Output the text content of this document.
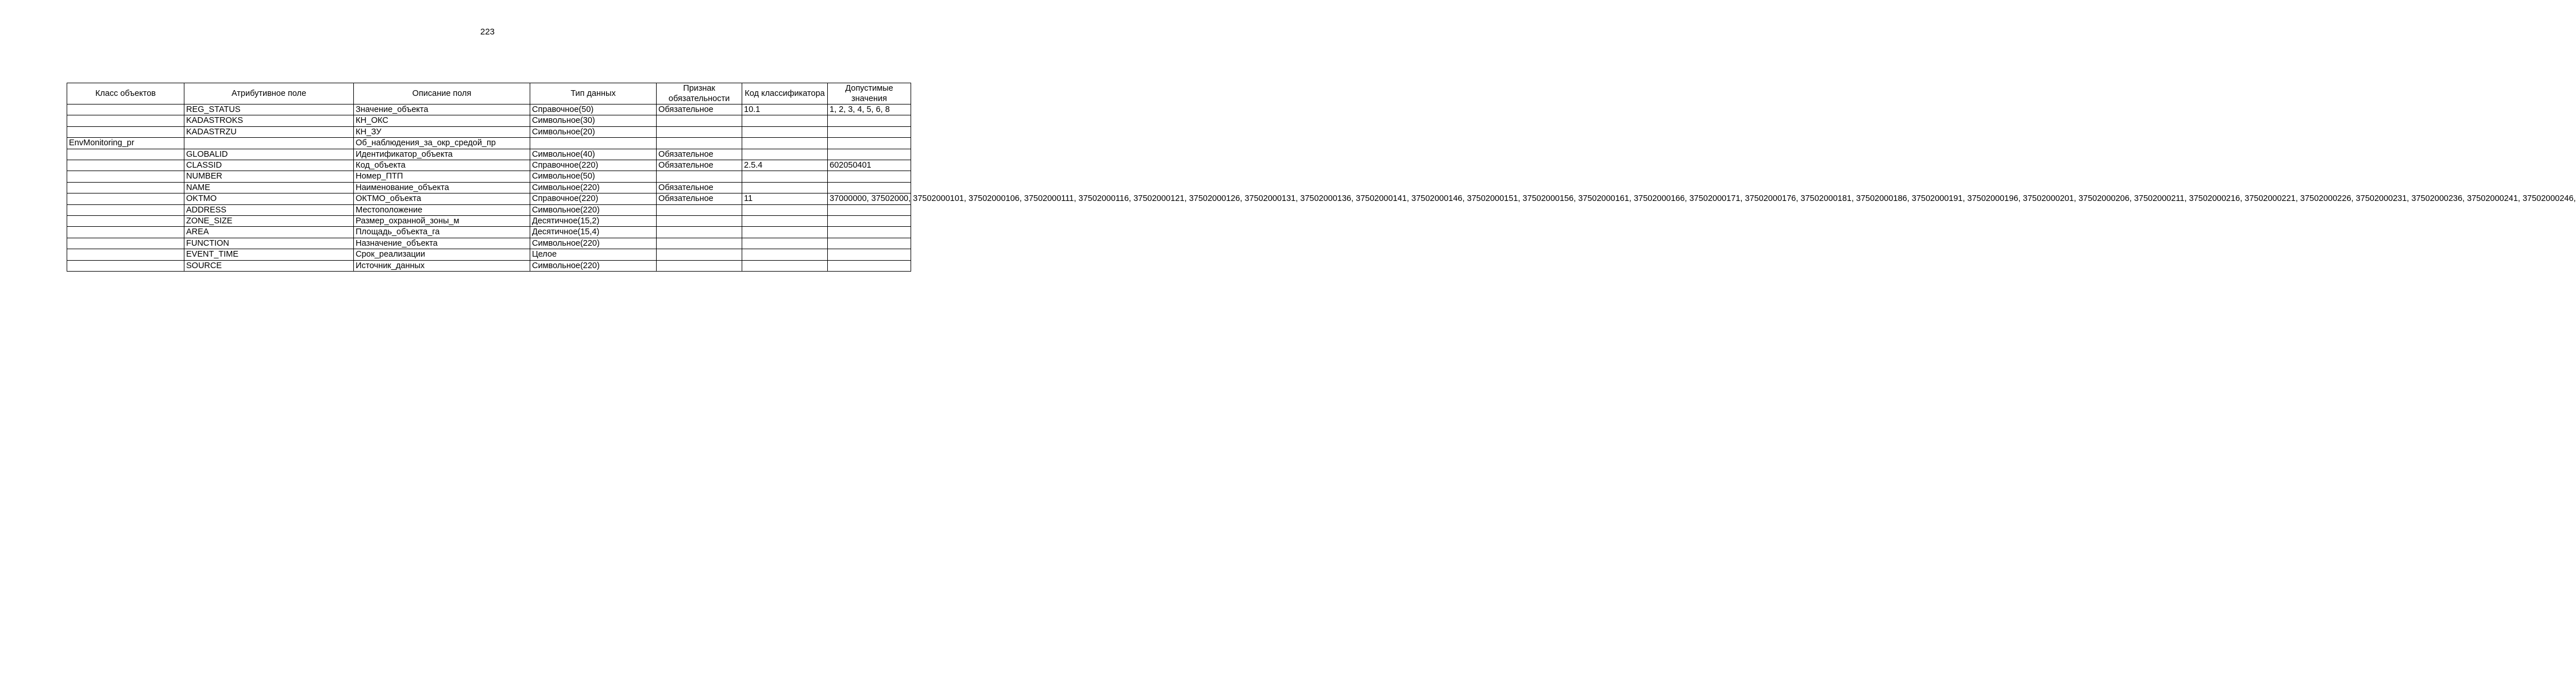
223
Класс объектов	Атрибутивное поле	Описание поля	Тип данных	Признак обязательности	Код классификатора	Допустимые значения
	REG_STATUS	Значение_объекта	Справочное(50)	Обязательное	10.1	1, 2, 3, 4, 5, 6, 8
	KADASTROKS	КН_ОКС	Символьное(30)			
	KADASTRZU	КН_ЗУ	Символьное(20)			
EnvMonitoring_pr		Об_наблюдения_за_окр_средой_пр				
	GLOBALID	Идентификатор_объекта	Символьное(40)	Обязательное		
	CLASSID	Код_объекта	Справочное(220)	Обязательное	2.5.4	602050401
	NUMBER	Номер_ПТП	Символьное(50)			
	NAME	Наименование_объекта	Символьное(220)	Обязательное		
	OKTMO	ОКТМО_объекта	Справочное(220)	Обязательное	11	37000000, 37502000, 37502000101, 37502000106, 37502000111, 37502000116, 37502000121, 37502000126, 37502000131, 37502000136, 37502000141, 37502000146, 37502000151, 37502000156, 37502000161, 37502000166, 37502000171, 37502000176, 37502000181, 37502000186, 37502000191, 37502000196, 37502000201, 37502000206, 37502000211, 37502000216, 37502000221, 37502000226, 37502000231, 37502000236, 37502000241, 37502000246,
	ADDRESS	Местоположение	Символьное(220)			
	ZONE_SIZE	Размер_охранной_зоны_м	Десятичное(15,2)			
	AREA	Площадь_объекта_га	Десятичное(15,4)			
	FUNCTION	Назначение_объекта	Символьное(220)			
	EVENT_TIME	Срок_реализации	Целое			
	SOURCE	Источник_данных	Символьное(220)			
